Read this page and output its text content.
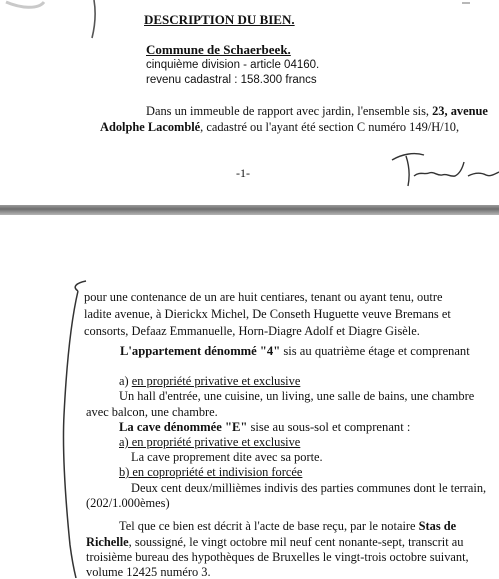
DESCRIPTION DU BIEN.
Commune de Schaerbeek.
cinquième division - article 04160.
revenu cadastral : 158.300 francs
Dans un immeuble de rapport avec jardin, l'ensemble sis, 23, avenue
Adolphe Lacomblé, cadastré ou l'ayant été section C numéro 149/H/10,
-1-
pour une contenance de un are huit centiares, tenant ou ayant tenu, outre
ladite avenue, à Dierickx Michel, De Conseth Huguette veuve Bremans et
consorts, Defaaz Emmanuelle, Horn-Diagre Adolf et Diagre Gisèle.
L'appartement dénommé "4" sis au quatrième étage et comprenant
a) en propriété privative et exclusive
Un hall d'entrée, une cuisine, un living, une salle de bains, une chambre
avec balcon, une chambre.
La cave dénommée "E" sise au sous-sol et comprenant :
a) en propriété privative et exclusive
La cave proprement dite avec sa porte.
b) en copropriété et indivision forcée
Deux cent deux/millièmes indivis des parties communes dont le terrain,
(202/1.000èmes)
Tel que ce bien est décrit à l'acte de base reçu, par le notaire Stas de
Richelle, soussigné, le vingt octobre mil neuf cent nonante-sept, transcrit au
troisième bureau des hypothèques de Bruxelles le vingt-trois octobre suivant,
volume 12425 numéro 3.
